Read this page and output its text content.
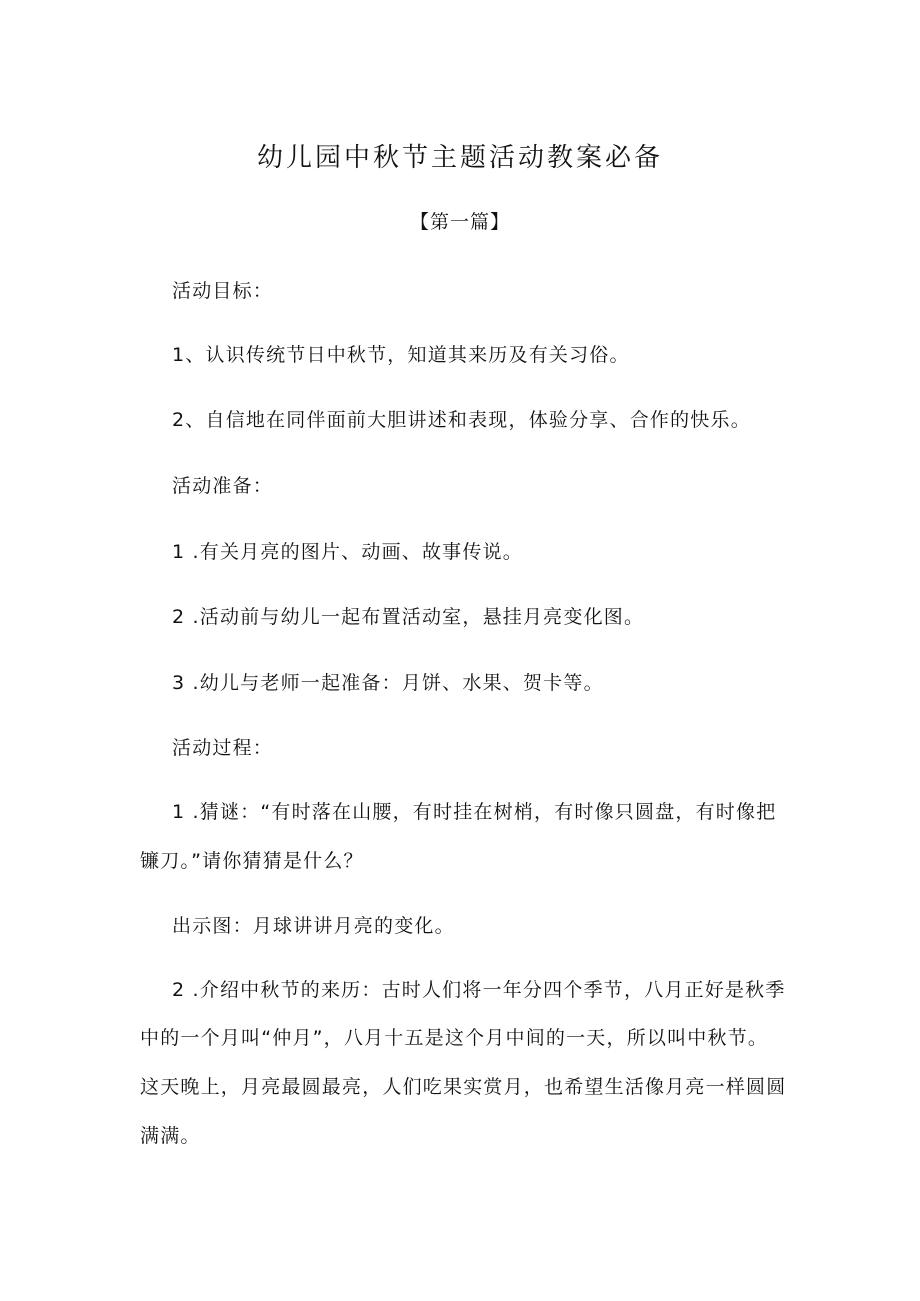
幼儿园中秋节主题活动教案必备
【第一篇】
活动目标：
1、认识传统节日中秋节，知道其来历及有关习俗。
2、自信地在同伴面前大胆讲述和表现，体验分享、合作的快乐。
活动准备：
1 .有关月亮的图片、动画、故事传说。
2 .活动前与幼儿一起布置活动室，悬挂月亮变化图。
3 .幼儿与老师一起准备：月饼、水果、贺卡等。
活动过程：
1 .猜谜：“有时落在山腰，有时挂在树梢，有时像只圆盘，有时像把
镰刀。”请你猜猜是什么？
出示图：月球讲讲月亮的变化。
2 .介绍中秋节的来历：古时人们将一年分四个季节，八月正好是秋季
中的一个月叫“仲月”，八月十五是这个月中间的一天，所以叫中秋节。
这天晚上，月亮最圆最亮，人们吃果实赏月，也希望生活像月亮一样圆圆
满满。
